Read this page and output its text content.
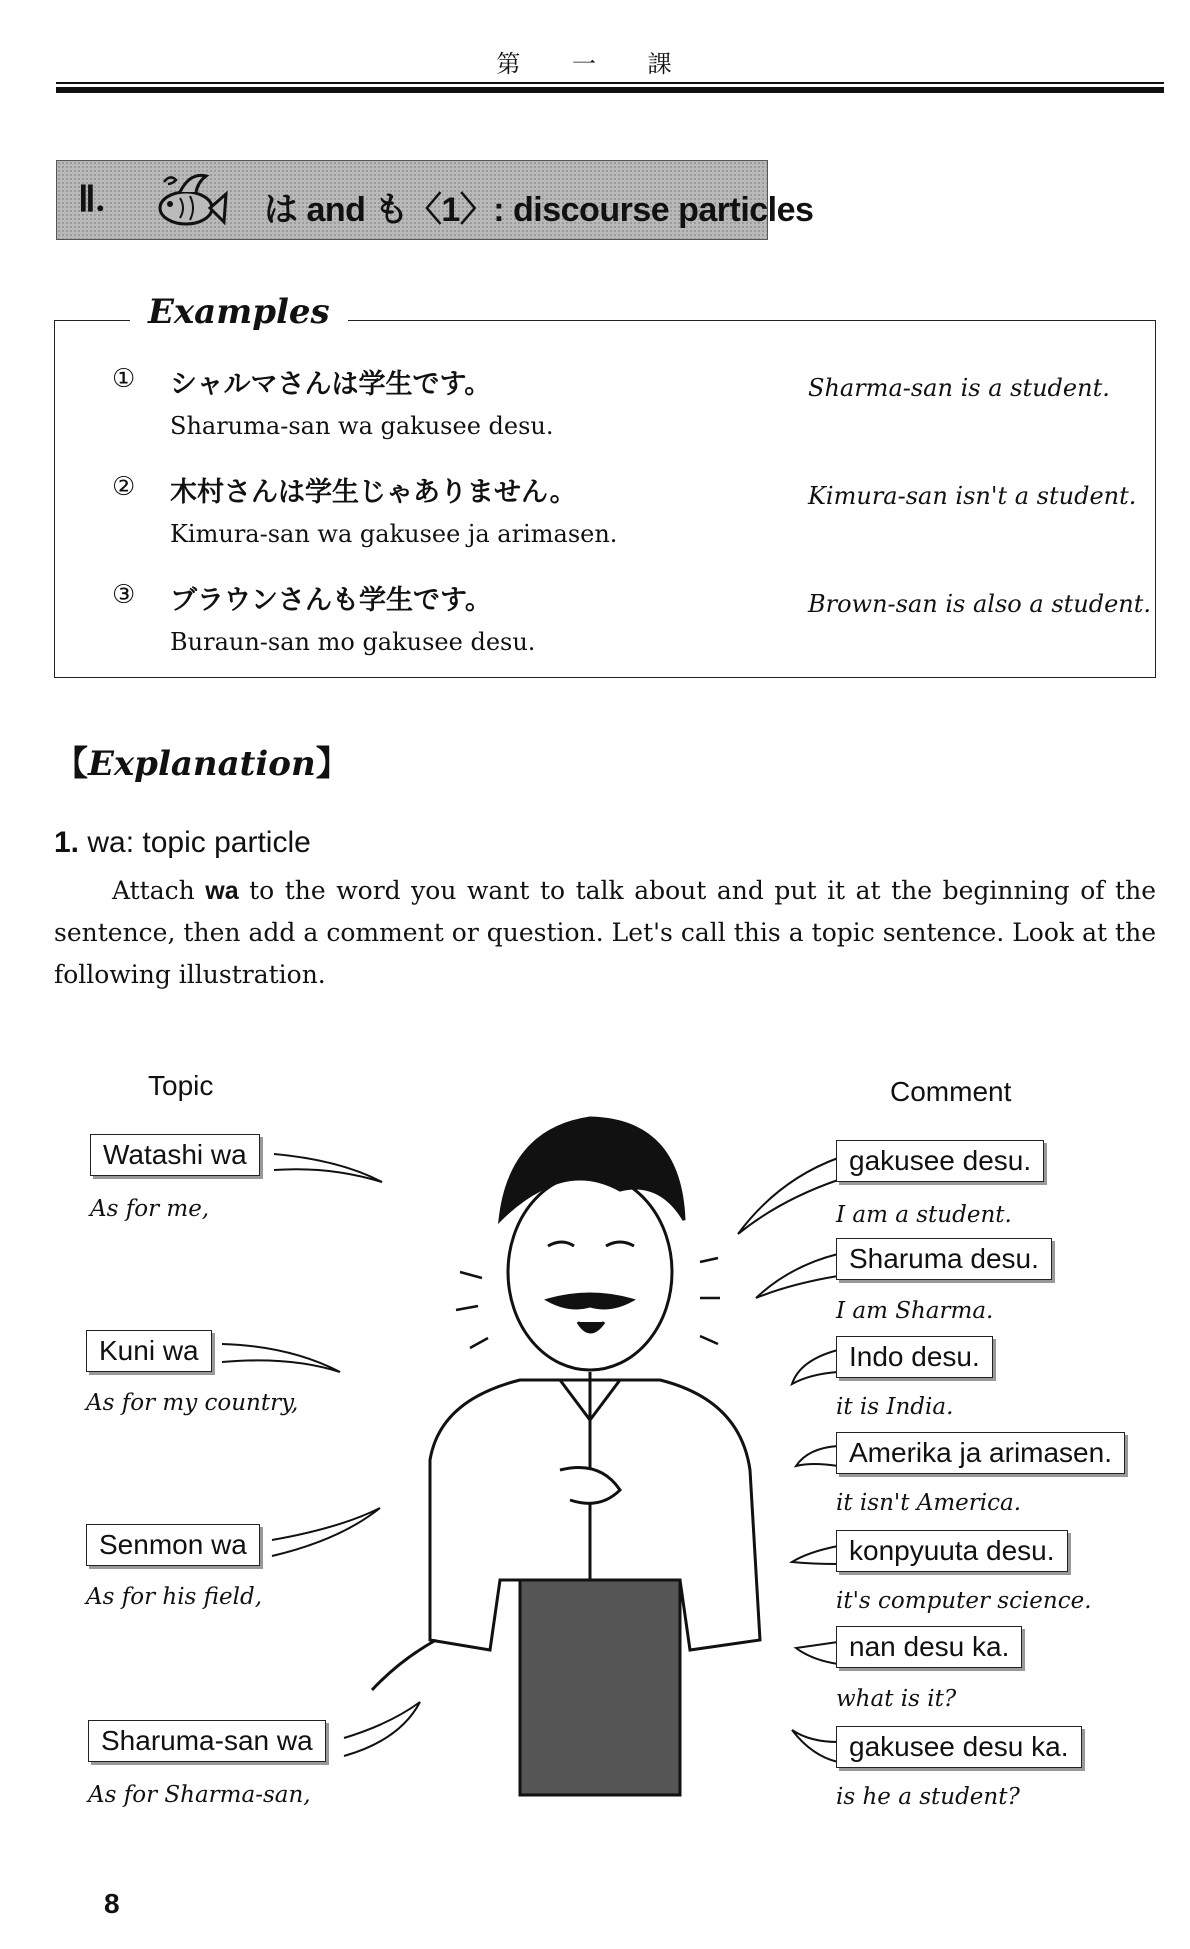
第 一 課
Ⅱ.	は and も〈1〉: discourse particles
Examples
① シャルマさんは学生です。
Sharuma-san wa gakusee desu.
Sharma-san is a student.
② 木村さんは学生じゃありません。
Kimura-san wa gakusee ja arimasen.
Kimura-san isn't a student.
③ ブラウンさんも学生です。
Buraun-san mo gakusee desu.
Brown-san is also a student.
【Explanation】
1. wa: topic particle
Attach wa to the word you want to talk about and put it at the beginning of the sentence, then add a comment or question. Let's call this a topic sentence. Look at the following illustration.
Topic	Comment
Watashi wa
As for me,
Kuni wa
As for my country,
Senmon wa
As for his field,
Sharuma-san wa
As for Sharma-san,
gakusee desu.
I am a student.
Sharuma desu.
I am Sharma.
Indo desu.
it is India.
Amerika ja arimasen.
it isn't America.
konpyuuta desu.
it's computer science.
nan desu ka.
what is it?
gakusee desu ka.
is he a student?
8
